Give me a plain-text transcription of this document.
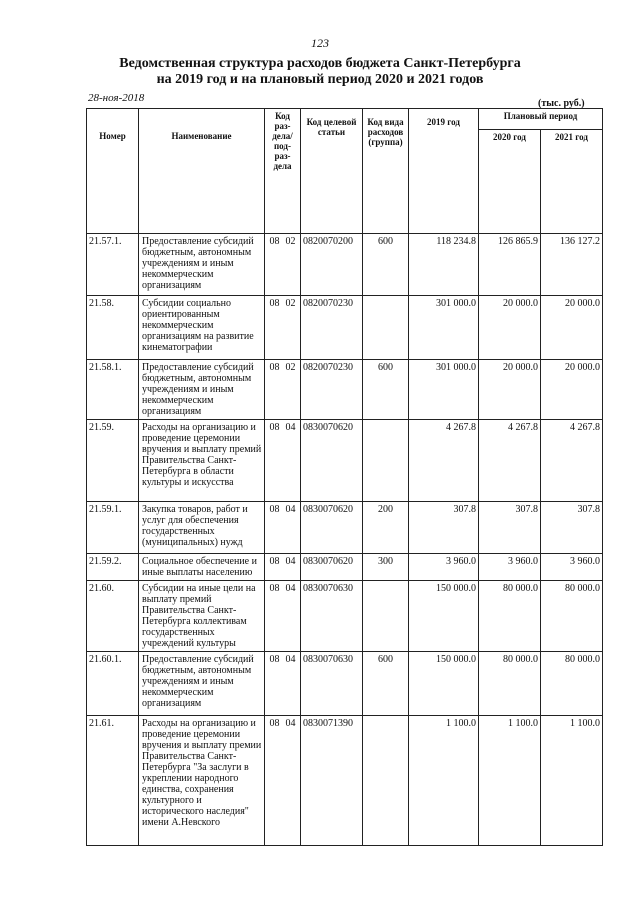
123
Ведомственная структура расходов бюджета Санкт-Петербурга
на 2019 год и на плановый период 2020 и 2021 годов
28-ноя-2018	(тыс. руб.)
Номер	Наименование	Код раз- дела/ под- раз- дела	Код целевой статьи	Код вида расходов (группа)	2019 год	Плановый период	
						2020 год	2021 год
21.57.1.	Предоставление субсидий бюджетным, автономным учреждениям и иным некоммерческим организациям	08 02	0820070200	600	118 234.8	126 865.9	136 127.2
21.58.	Субсидии социально ориентированным некоммерческим организациям на развитие кинематографии	08 02	0820070230		301 000.0	20 000.0	20 000.0
21.58.1.	Предоставление субсидий бюджетным, автономным учреждениям и иным некоммерческим организациям	08 02	0820070230	600	301 000.0	20 000.0	20 000.0
21.59.	Расходы на организацию и проведение церемонии вручения и выплату премий Правительства Санкт-Петербурга в области культуры и искусства	08 04	0830070620		4 267.8	4 267.8	4 267.8
21.59.1.	Закупка товаров, работ и услуг для обеспечения государственных (муниципальных) нужд	08 04	0830070620	200	307.8	307.8	307.8
21.59.2.	Социальное обеспечение и иные выплаты населению	08 04	0830070620	300	3 960.0	3 960.0	3 960.0
21.60.	Субсидии на иные цели на выплату премий Правительства Санкт-Петербурга коллективам государственных учреждений культуры	08 04	0830070630		150 000.0	80 000.0	80 000.0
21.60.1.	Предоставление субсидий бюджетным, автономным учреждениям и иным некоммерческим организациям	08 04	0830070630	600	150 000.0	80 000.0	80 000.0
21.61.	Расходы на организацию и проведение церемонии вручения и выплату премии Правительства Санкт-Петербурга "За заслуги в укреплении народного единства, сохранения культурного и исторического наследия" имени А.Невского	08 04	0830071390		1 100.0	1 100.0	1 100.0
